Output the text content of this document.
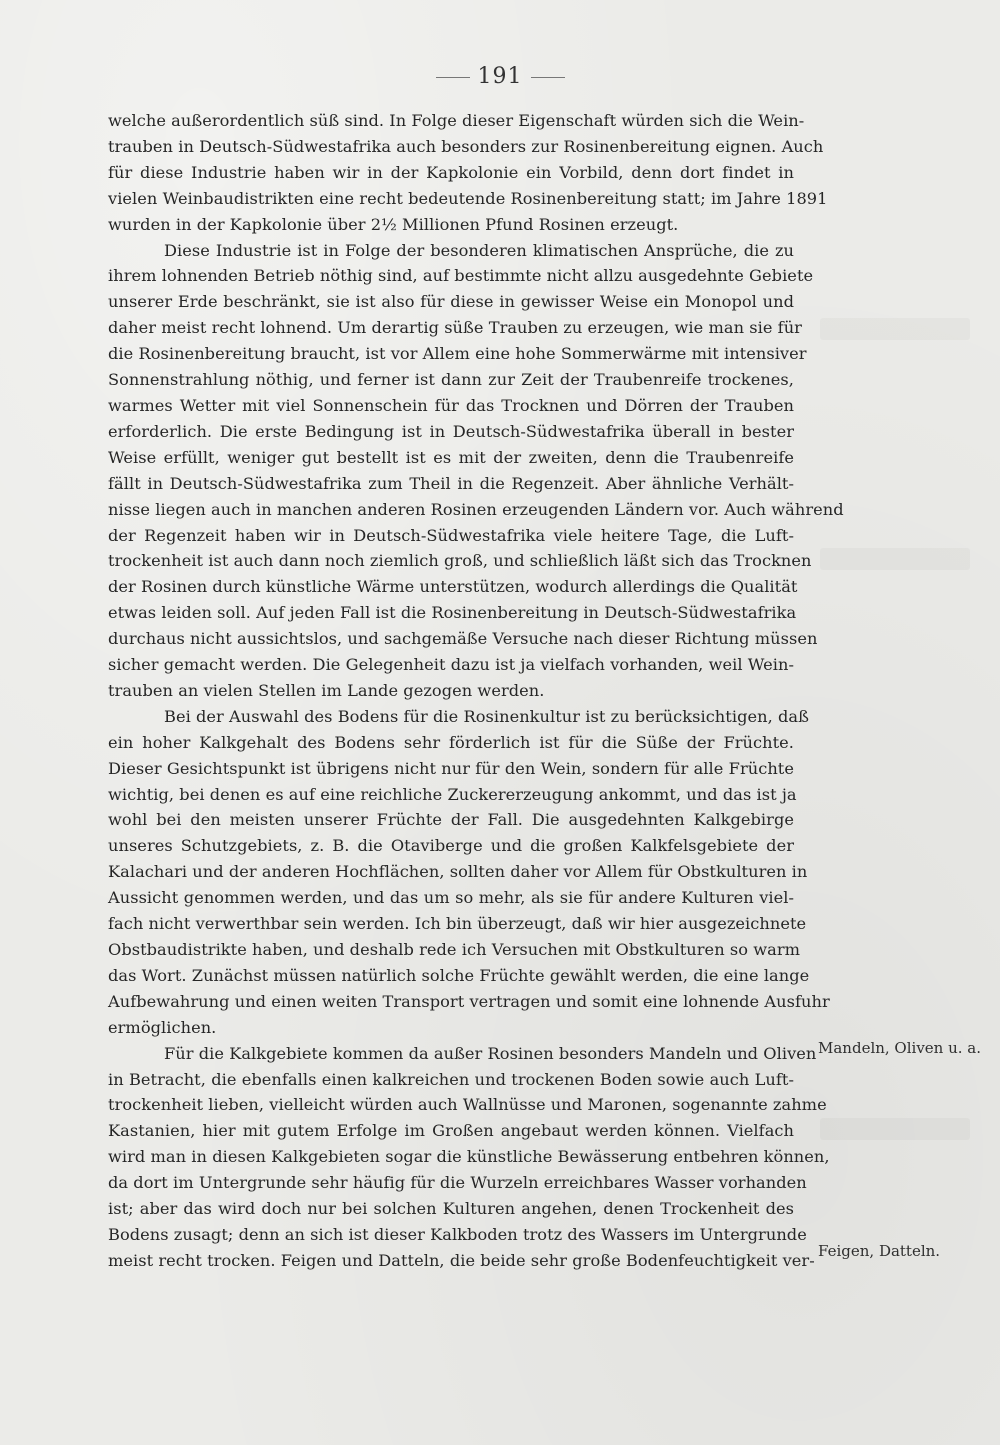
191
welche außerordentlich süß sind. In Folge dieser Eigenschaft würden sich die Wein-
trauben in Deutsch-Südwestafrika auch besonders zur Rosinenbereitung eignen. Auch
für diese Industrie haben wir in der Kapkolonie ein Vorbild, denn dort findet in
vielen Weinbaudistrikten eine recht bedeutende Rosinenbereitung statt; im Jahre 1891
wurden in der Kapkolonie über 2½ Millionen Pfund Rosinen erzeugt.
Diese Industrie ist in Folge der besonderen klimatischen Ansprüche, die zu
ihrem lohnenden Betrieb nöthig sind, auf bestimmte nicht allzu ausgedehnte Gebiete
unserer Erde beschränkt, sie ist also für diese in gewisser Weise ein Monopol und
daher meist recht lohnend. Um derartig süße Trauben zu erzeugen, wie man sie für
die Rosinenbereitung braucht, ist vor Allem eine hohe Sommerwärme mit intensiver
Sonnenstrahlung nöthig, und ferner ist dann zur Zeit der Traubenreife trockenes,
warmes Wetter mit viel Sonnenschein für das Trocknen und Dörren der Trauben
erforderlich. Die erste Bedingung ist in Deutsch-Südwestafrika überall in bester
Weise erfüllt, weniger gut bestellt ist es mit der zweiten, denn die Traubenreife
fällt in Deutsch-Südwestafrika zum Theil in die Regenzeit. Aber ähnliche Verhält-
nisse liegen auch in manchen anderen Rosinen erzeugenden Ländern vor. Auch während
der Regenzeit haben wir in Deutsch-Südwestafrika viele heitere Tage, die Luft-
trockenheit ist auch dann noch ziemlich groß, und schließlich läßt sich das Trocknen
der Rosinen durch künstliche Wärme unterstützen, wodurch allerdings die Qualität
etwas leiden soll. Auf jeden Fall ist die Rosinenbereitung in Deutsch-Südwestafrika
durchaus nicht aussichtslos, und sachgemäße Versuche nach dieser Richtung müssen
sicher gemacht werden. Die Gelegenheit dazu ist ja vielfach vorhanden, weil Wein-
trauben an vielen Stellen im Lande gezogen werden.
Bei der Auswahl des Bodens für die Rosinenkultur ist zu berücksichtigen, daß
ein hoher Kalkgehalt des Bodens sehr förderlich ist für die Süße der Früchte.
Dieser Gesichtspunkt ist übrigens nicht nur für den Wein, sondern für alle Früchte
wichtig, bei denen es auf eine reichliche Zuckererzeugung ankommt, und das ist ja
wohl bei den meisten unserer Früchte der Fall. Die ausgedehnten Kalkgebirge
unseres Schutzgebiets, z. B. die Otaviberge und die großen Kalkfelsgebiete der
Kalachari und der anderen Hochflächen, sollten daher vor Allem für Obstkulturen in
Aussicht genommen werden, und das um so mehr, als sie für andere Kulturen viel-
fach nicht verwerthbar sein werden. Ich bin überzeugt, daß wir hier ausgezeichnete
Obstbaudistrikte haben, und deshalb rede ich Versuchen mit Obstkulturen so warm
das Wort. Zunächst müssen natürlich solche Früchte gewählt werden, die eine lange
Aufbewahrung und einen weiten Transport vertragen und somit eine lohnende Ausfuhr
ermöglichen.
Für die Kalkgebiete kommen da außer Rosinen besonders Mandeln und Oliven
in Betracht, die ebenfalls einen kalkreichen und trockenen Boden sowie auch Luft-
trockenheit lieben, vielleicht würden auch Wallnüsse und Maronen, sogenannte zahme
Kastanien, hier mit gutem Erfolge im Großen angebaut werden können. Vielfach
wird man in diesen Kalkgebieten sogar die künstliche Bewässerung entbehren können,
da dort im Untergrunde sehr häufig für die Wurzeln erreichbares Wasser vorhanden
ist; aber das wird doch nur bei solchen Kulturen angehen, denen Trockenheit des
Bodens zusagt; denn an sich ist dieser Kalkboden trotz des Wassers im Untergrunde
meist recht trocken. Feigen und Datteln, die beide sehr große Bodenfeuchtigkeit ver-
Mandeln, Oliven u. a.
Feigen, Datteln.
